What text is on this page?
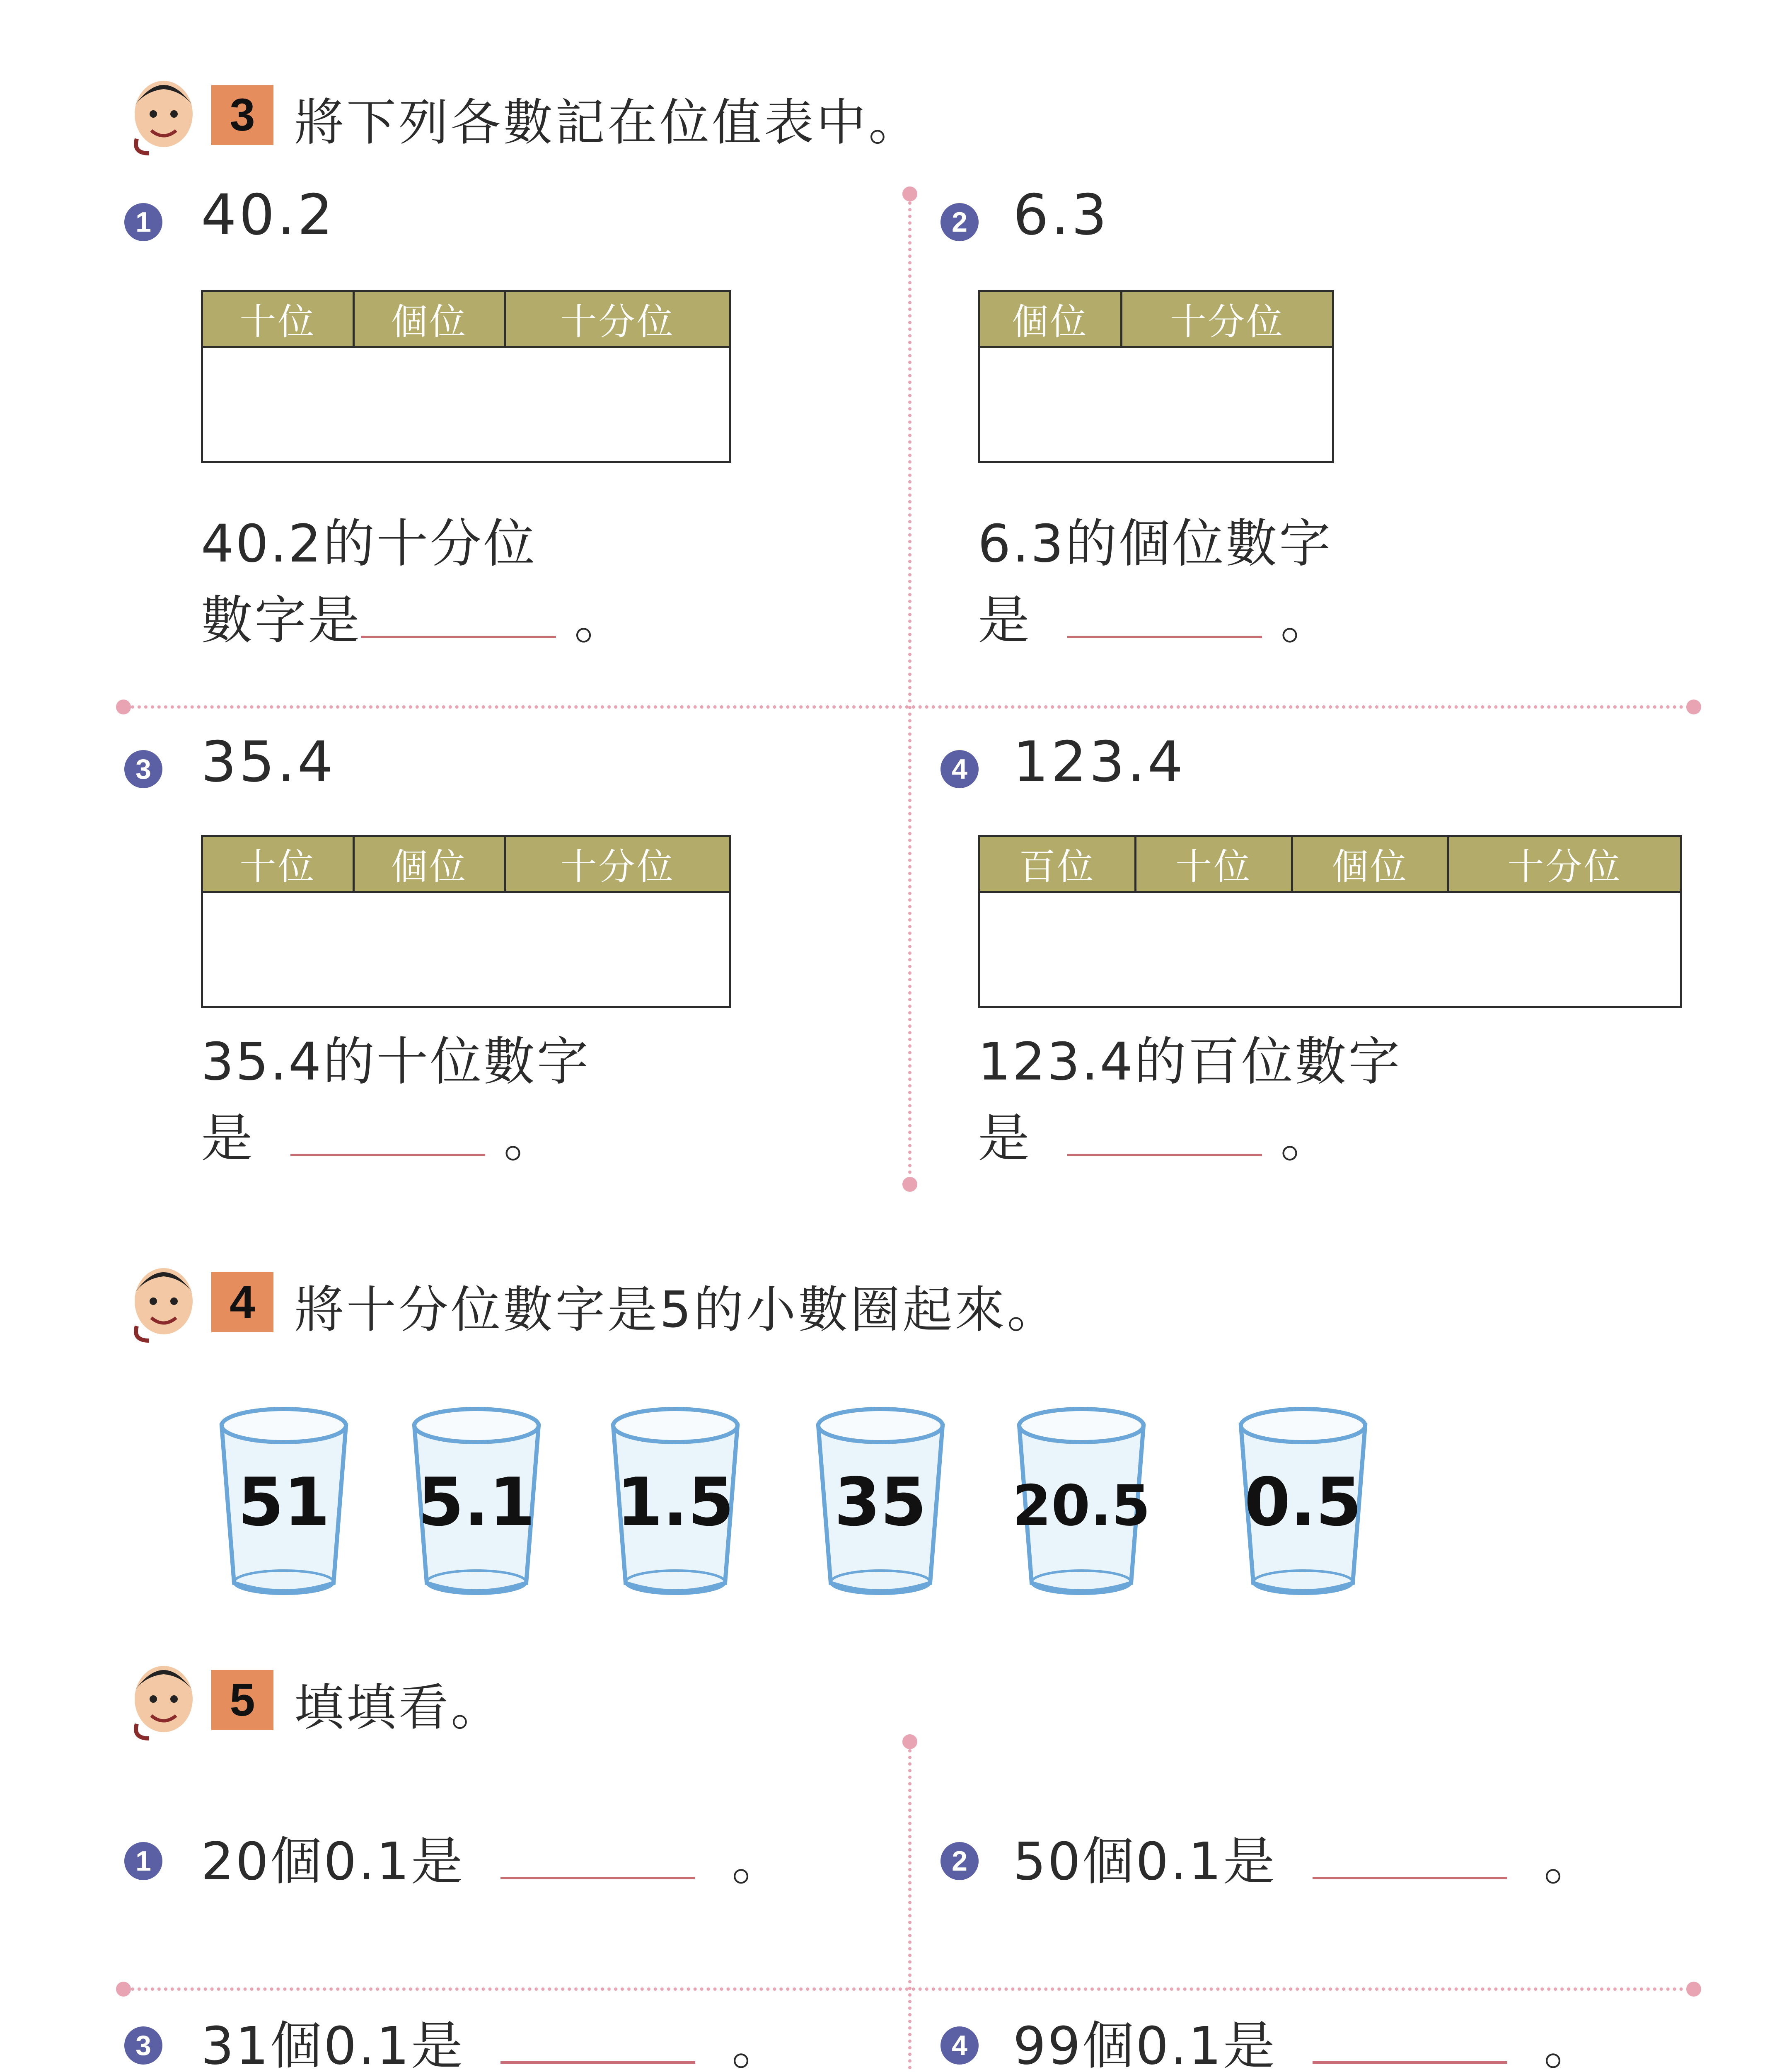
3 將下列各數記在位值表中。
1 40.2
十位	個位	十分位

40.2的十分位
數字是	。
2 6.3
個位	十分位

6.3的個位數字
是	。
3 35.4
十位	個位	十分位

35.4的十位數字
是	。
4 123.4
百位	十位	個位	十分位

123.4的百位數字
是	。
4 將十分位數字是5的小數圈起來。
51 5.1 1.5 35 20.5 0.5
5 填填看。
1 20個0.1是	。	2 50個0.1是	。
3 31個0.1是	。
		4 99個0.1是	。
